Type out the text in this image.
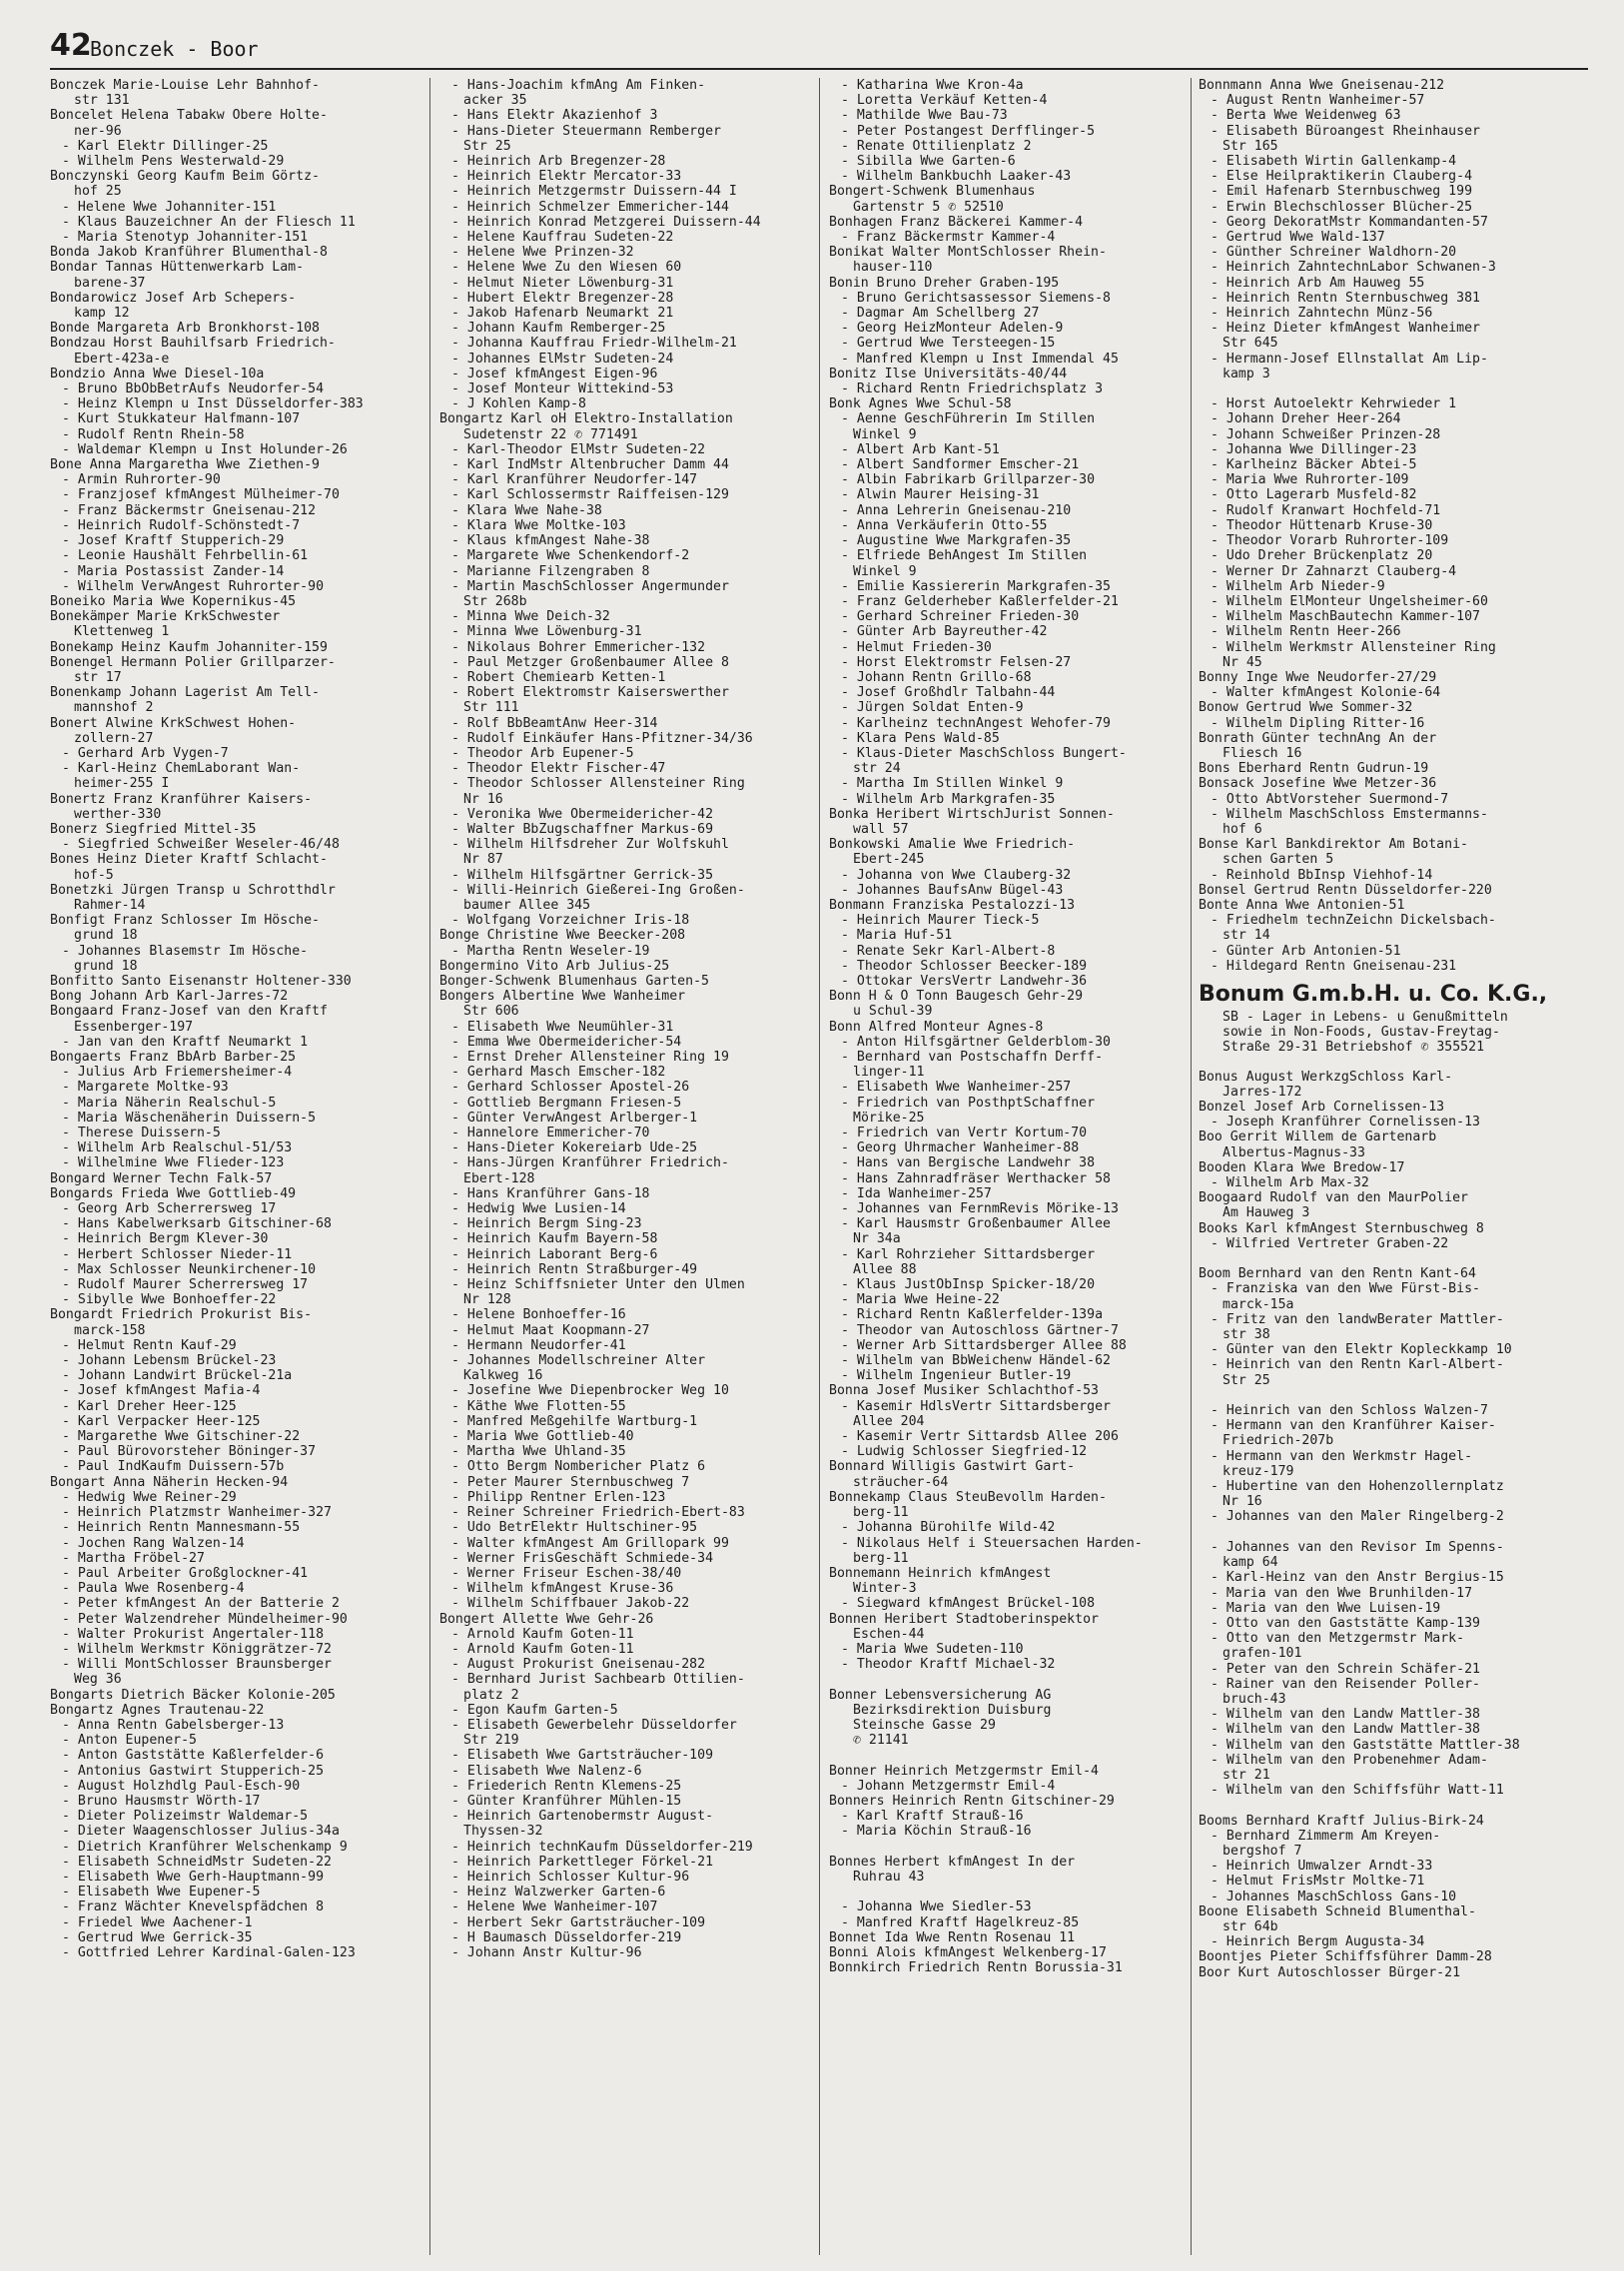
42
Bonczek - Boor
Bonczek Marie-Louise Lehr Bahnhof-
str 131
Boncelet Helena Tabakw Obere Holte-
ner-96
- Karl Elektr Dillinger-25
- Wilhelm Pens Westerwald-29
Bonczynski Georg Kaufm Beim Görtz-
hof 25
- Helene Wwe Johanniter-151
- Klaus Bauzeichner An der Fliesch 11
- Maria Stenotyp Johanniter-151
Bonda Jakob Kranführer Blumenthal-8
Bondar Tannas Hüttenwerkarb Lam-
barene-37
Bondarowicz Josef Arb Schepers-
kamp 12
Bonde Margareta Arb Bronkhorst-108
Bondzau Horst Bauhilfsarb Friedrich-
Ebert-423a-e
Bondzio Anna Wwe Diesel-10a
- Bruno BbObBetrAufs Neudorfer-54
- Heinz Klempn u Inst Düsseldorfer-383
- Kurt Stukkateur Halfmann-107
- Rudolf Rentn Rhein-58
- Waldemar Klempn u Inst Holunder-26
Bone Anna Margaretha Wwe Ziethen-9
- Armin Ruhrorter-90
- Franzjosef kfmAngest Mülheimer-70
- Franz Bäckermstr Gneisenau-212
- Heinrich Rudolf-Schönstedt-7
- Josef Kraftf Stupperich-29
- Leonie Haushält Fehrbellin-61
- Maria Postassist Zander-14
- Wilhelm VerwAngest Ruhrorter-90
Boneiko Maria Wwe Kopernikus-45
Bonekämper Marie KrkSchwester
Klettenweg 1
Bonekamp Heinz Kaufm Johanniter-159
Bonengel Hermann Polier Grillparzer-
str 17
Bonenkamp Johann Lagerist Am Tell-
mannshof 2
Bonert Alwine KrkSchwest Hohen-
zollern-27
- Gerhard Arb Vygen-7
- Karl-Heinz ChemLaborant Wan-
heimer-255 I
Bonertz Franz Kranführer Kaisers-
werther-330
Bonerz Siegfried Mittel-35
- Siegfried Schweißer Weseler-46/48
Bones Heinz Dieter Kraftf Schlacht-
hof-5
Bonetzki Jürgen Transp u Schrotthdlr
Rahmer-14
Bonfigt Franz Schlosser Im Hösche-
grund 18
- Johannes Blasemstr Im Hösche-
grund 18
Bonfitto Santo Eisenanstr Holtener-330
Bong Johann Arb Karl-Jarres-72
Bongaard Franz-Josef van den Kraftf
Essenberger-197
- Jan van den Kraftf Neumarkt 1
Bongaerts Franz BbArb Barber-25
- Julius Arb Friemersheimer-4
- Margarete Moltke-93
- Maria Näherin Realschul-5
- Maria Wäschenäherin Duissern-5
- Therese Duissern-5
- Wilhelm Arb Realschul-51/53
- Wilhelmine Wwe Flieder-123
Bongard Werner Techn Falk-57
Bongards Frieda Wwe Gottlieb-49
- Georg Arb Scherrersweg 17
- Hans Kabelwerksarb Gitschiner-68
- Heinrich Bergm Klever-30
- Herbert Schlosser Nieder-11
- Max Schlosser Neunkirchener-10
- Rudolf Maurer Scherrersweg 17
- Sibylle Wwe Bonhoeffer-22
Bongardt Friedrich Prokurist Bis-
marck-158
- Helmut Rentn Kauf-29
- Johann Lebensm Brückel-23
- Johann Landwirt Brückel-21a
- Josef kfmAngest Mafia-4
- Karl Dreher Heer-125
- Karl Verpacker Heer-125
- Margarethe Wwe Gitschiner-22
- Paul Bürovorsteher Böninger-37
- Paul IndKaufm Duissern-57b
Bongart Anna Näherin Hecken-94
- Hedwig Wwe Reiner-29
- Heinrich Platzmstr Wanheimer-327
- Heinrich Rentn Mannesmann-55
- Jochen Rang Walzen-14
- Martha Fröbel-27
- Paul Arbeiter Großglockner-41
- Paula Wwe Rosenberg-4
- Peter kfmAngest An der Batterie 2
- Peter Walzendreher Mündelheimer-90
- Walter Prokurist Angertaler-118
- Wilhelm Werkmstr Königgrätzer-72
- Willi MontSchlosser Braunsberger
Weg 36
Bongarts Dietrich Bäcker Kolonie-205
Bongartz Agnes Trautenau-22
- Anna Rentn Gabelsberger-13
- Anton Eupener-5
- Anton Gaststätte Kaßlerfelder-6
- Antonius Gastwirt Stupperich-25
- August Holzhdlg Paul-Esch-90
- Bruno Hausmstr Wörth-17
- Dieter Polizeimstr Waldemar-5
- Dieter Waagenschlosser Julius-34a
- Dietrich Kranführer Welschenkamp 9
- Elisabeth SchneidMstr Sudeten-22
- Elisabeth Wwe Gerh-Hauptmann-99
- Elisabeth Wwe Eupener-5
- Franz Wächter Knevelspfädchen 8
- Friedel Wwe Aachener-1
- Gertrud Wwe Gerrick-35
- Gottfried Lehrer Kardinal-Galen-123
- Hans-Joachim kfmAng Am Finken-
acker 35
- Hans Elektr Akazienhof 3
- Hans-Dieter Steuermann Remberger
Str 25
- Heinrich Arb Bregenzer-28
- Heinrich Elektr Mercator-33
- Heinrich Metzgermstr Duissern-44 I
- Heinrich Schmelzer Emmericher-144
- Heinrich Konrad Metzgerei Duissern-44
- Helene Kauffrau Sudeten-22
- Helene Wwe Prinzen-32
- Helene Wwe Zu den Wiesen 60
- Helmut Nieter Löwenburg-31
- Hubert Elektr Bregenzer-28
- Jakob Hafenarb Neumarkt 21
- Johann Kaufm Remberger-25
- Johanna Kauffrau Friedr-Wilhelm-21
- Johannes ElMstr Sudeten-24
- Josef kfmAngest Eigen-96
- Josef Monteur Wittekind-53
- J Kohlen Kamp-8
Bongartz Karl oH Elektro-Installation
Sudetenstr 22 ✆ 771491
- Karl-Theodor ElMstr Sudeten-22
- Karl IndMstr Altenbrucher Damm 44
- Karl Kranführer Neudorfer-147
- Karl Schlossermstr Raiffeisen-129
- Klara Wwe Nahe-38
- Klara Wwe Moltke-103
- Klaus kfmAngest Nahe-38
- Margarete Wwe Schenkendorf-2
- Marianne Filzengraben 8
- Martin MaschSchlosser Angermunder
Str 268b
- Minna Wwe Deich-32
- Minna Wwe Löwenburg-31
- Nikolaus Bohrer Emmericher-132
- Paul Metzger Großenbaumer Allee 8
- Robert Chemiearb Ketten-1
- Robert Elektromstr Kaiserswerther
Str 111
- Rolf BbBeamtAnw Heer-314
- Rudolf Einkäufer Hans-Pfitzner-34/36
- Theodor Arb Eupener-5
- Theodor Elektr Fischer-47
- Theodor Schlosser Allensteiner Ring
Nr 16
- Veronika Wwe Obermeidericher-42
- Walter BbZugschaffner Markus-69
- Wilhelm Hilfsdreher Zur Wolfskuhl
Nr 87
- Wilhelm Hilfsgärtner Gerrick-35
- Willi-Heinrich Gießerei-Ing Großen-
baumer Allee 345
- Wolfgang Vorzeichner Iris-18
Bonge Christine Wwe Beecker-208
- Martha Rentn Weseler-19
Bongermino Vito Arb Julius-25
Bonger-Schwenk Blumenhaus Garten-5
Bongers Albertine Wwe Wanheimer
Str 606
- Elisabeth Wwe Neumühler-31
- Emma Wwe Obermeidericher-54
- Ernst Dreher Allensteiner Ring 19
- Gerhard Masch Emscher-182
- Gerhard Schlosser Apostel-26
- Gottlieb Bergmann Friesen-5
- Günter VerwAngest Arlberger-1
- Hannelore Emmericher-70
- Hans-Dieter Kokereiarb Ude-25
- Hans-Jürgen Kranführer Friedrich-
Ebert-128
- Hans Kranführer Gans-18
- Hedwig Wwe Lusien-14
- Heinrich Bergm Sing-23
- Heinrich Kaufm Bayern-58
- Heinrich Laborant Berg-6
- Heinrich Rentn Straßburger-49
- Heinz Schiffsnieter Unter den Ulmen
Nr 128
- Helene Bonhoeffer-16
- Helmut Maat Koopmann-27
- Hermann Neudorfer-41
- Johannes Modellschreiner Alter
Kalkweg 16
- Josefine Wwe Diepenbrocker Weg 10
- Käthe Wwe Flotten-55
- Manfred Meßgehilfe Wartburg-1
- Maria Wwe Gottlieb-40
- Martha Wwe Uhland-35
- Otto Bergm Nombericher Platz 6
- Peter Maurer Sternbuschweg 7
- Philipp Rentner Erlen-123
- Reiner Schreiner Friedrich-Ebert-83
- Udo BetrElektr Hultschiner-95
- Walter kfmAngest Am Grillopark 99
- Werner FrisGeschäft Schmiede-34
- Werner Friseur Eschen-38/40
- Wilhelm kfmAngest Kruse-36
- Wilhelm Schiffbauer Jakob-22
Bongert Allette Wwe Gehr-26
- Arnold Kaufm Goten-11
- Arnold Kaufm Goten-11
- August Prokurist Gneisenau-282
- Bernhard Jurist Sachbearb Ottilien-
platz 2
- Egon Kaufm Garten-5
- Elisabeth Gewerbelehr Düsseldorfer
Str 219
- Elisabeth Wwe Gartsträucher-109
- Elisabeth Wwe Nalenz-6
- Friederich Rentn Klemens-25
- Günter Kranführer Mühlen-15
- Heinrich Gartenobermstr August-
Thyssen-32
- Heinrich technKaufm Düsseldorfer-219
- Heinrich Parkettleger Förkel-21
- Heinrich Schlosser Kultur-96
- Heinz Walzwerker Garten-6
- Helene Wwe Wanheimer-107
- Herbert Sekr Gartsträucher-109
- H Baumasch Düsseldorfer-219
- Johann Anstr Kultur-96
- Katharina Wwe Kron-4a
- Loretta Verkäuf Ketten-4
- Mathilde Wwe Bau-73
- Peter Postangest Derfflinger-5
- Renate Ottilienplatz 2
- Sibilla Wwe Garten-6
- Wilhelm Bankbuchh Laaker-43
Bongert-Schwenk Blumenhaus
Gartenstr 5 ✆ 52510
Bonhagen Franz Bäckerei Kammer-4
- Franz Bäckermstr Kammer-4
Bonikat Walter MontSchlosser Rhein-
hauser-110
Bonin Bruno Dreher Graben-195
- Bruno Gerichtsassessor Siemens-8
- Dagmar Am Schellberg 27
- Georg HeizMonteur Adelen-9
- Gertrud Wwe Tersteegen-15
- Manfred Klempn u Inst Immendal 45
Bonitz Ilse Universitäts-40/44
- Richard Rentn Friedrichsplatz 3
Bonk Agnes Wwe Schul-58
- Aenne GeschFührerin Im Stillen
Winkel 9
- Albert Arb Kant-51
- Albert Sandformer Emscher-21
- Albin Fabrikarb Grillparzer-30
- Alwin Maurer Heising-31
- Anna Lehrerin Gneisenau-210
- Anna Verkäuferin Otto-55
- Augustine Wwe Markgrafen-35
- Elfriede BehAngest Im Stillen
Winkel 9
- Emilie Kassiererin Markgrafen-35
- Franz Gelderheber Kaßlerfelder-21
- Gerhard Schreiner Frieden-30
- Günter Arb Bayreuther-42
- Helmut Frieden-30
- Horst Elektromstr Felsen-27
- Johann Rentn Grillo-68
- Josef Großhdlr Talbahn-44
- Jürgen Soldat Enten-9
- Karlheinz technAngest Wehofer-79
- Klara Pens Wald-85
- Klaus-Dieter MaschSchloss Bungert-
str 24
- Martha Im Stillen Winkel 9
- Wilhelm Arb Markgrafen-35
Bonka Heribert WirtschJurist Sonnen-
wall 57
Bonkowski Amalie Wwe Friedrich-
Ebert-245
- Johanna von Wwe Clauberg-32
- Johannes BaufsAnw Bügel-43
Bonmann Franziska Pestalozzi-13
- Heinrich Maurer Tieck-5
- Maria Huf-51
- Renate Sekr Karl-Albert-8
- Theodor Schlosser Beecker-189
- Ottokar VersVertr Landwehr-36
Bonn H & O Tonn Baugesch Gehr-29
u Schul-39
Bonn Alfred Monteur Agnes-8
- Anton Hilfsgärtner Gelderblom-30
- Bernhard van Postschaffn Derff-
linger-11
- Elisabeth Wwe Wanheimer-257
- Friedrich van PosthptSchaffner
Mörike-25
- Friedrich van Vertr Kortum-70
- Georg Uhrmacher Wanheimer-88
- Hans van Bergische Landwehr 38
- Hans Zahnradfräser Werthacker 58
- Ida Wanheimer-257
- Johannes van FernmRevis Mörike-13
- Karl Hausmstr Großenbaumer Allee
Nr 34a
- Karl Rohrzieher Sittardsberger
Allee 88
- Klaus JustObInsp Spicker-18/20
- Maria Wwe Heine-22
- Richard Rentn Kaßlerfelder-139a
- Theodor van Autoschloss Gärtner-7
- Werner Arb Sittardsberger Allee 88
- Wilhelm van BbWeichenw Händel-62
- Wilhelm Ingenieur Butler-19
Bonna Josef Musiker Schlachthof-53
- Kasemir HdlsVertr Sittardsberger
Allee 204
- Kasemir Vertr Sittardsb Allee 206
- Ludwig Schlosser Siegfried-12
Bonnard Willigis Gastwirt Gart-
sträucher-64
Bonnekamp Claus SteuBevollm Harden-
berg-11
- Johanna Bürohilfe Wild-42
- Nikolaus Helf i Steuersachen Harden-
berg-11
Bonnemann Heinrich kfmAngest
Winter-3
- Siegward kfmAngest Brückel-108
Bonnen Heribert Stadtoberinspektor
Eschen-44
- Maria Wwe Sudeten-110
- Theodor Kraftf Michael-32

Bonner Lebensversicherung AG
Bezirksdirektion Duisburg
Steinsche Gasse 29
✆ 21141

Bonner Heinrich Metzgermstr Emil-4
- Johann Metzgermstr Emil-4
Bonners Heinrich Rentn Gitschiner-29
- Karl Kraftf Strauß-16
- Maria Köchin Strauß-16

Bonnes Herbert kfmAngest In der
Ruhrau 43

- Johanna Wwe Siedler-53
- Manfred Kraftf Hagelkreuz-85
Bonnet Ida Wwe Rentn Rosenau 11
Bonni Alois kfmAngest Welkenberg-17
Bonnkirch Friedrich Rentn Borussia-31
Bonnmann Anna Wwe Gneisenau-212
- August Rentn Wanheimer-57
- Berta Wwe Weidenweg 63
- Elisabeth Büroangest Rheinhauser
Str 165
- Elisabeth Wirtin Gallenkamp-4
- Else Heilpraktikerin Clauberg-4
- Emil Hafenarb Sternbuschweg 199
- Erwin Blechschlosser Blücher-25
- Georg DekoratMstr Kommandanten-57
- Gertrud Wwe Wald-137
- Günther Schreiner Waldhorn-20
- Heinrich ZahntechnLabor Schwanen-3
- Heinrich Arb Am Hauweg 55
- Heinrich Rentn Sternbuschweg 381
- Heinrich Zahntechn Münz-56
- Heinz Dieter kfmAngest Wanheimer
Str 645
- Hermann-Josef Ellnstallat Am Lip-
kamp 3

- Horst Autoelektr Kehrwieder 1
- Johann Dreher Heer-264
- Johann Schweißer Prinzen-28
- Johanna Wwe Dillinger-23
- Karlheinz Bäcker Abtei-5
- Maria Wwe Ruhrorter-109
- Otto Lagerarb Musfeld-82
- Rudolf Kranwart Hochfeld-71
- Theodor Hüttenarb Kruse-30
- Theodor Vorarb Ruhrorter-109
- Udo Dreher Brückenplatz 20
- Werner Dr Zahnarzt Clauberg-4
- Wilhelm Arb Nieder-9
- Wilhelm ElMonteur Ungelsheimer-60
- Wilhelm MaschBautechn Kammer-107
- Wilhelm Rentn Heer-266
- Wilhelm Werkmstr Allensteiner Ring
Nr 45
Bonny Inge Wwe Neudorfer-27/29
- Walter kfmAngest Kolonie-64
Bonow Gertrud Wwe Sommer-32
- Wilhelm Dipling Ritter-16
Bonrath Günter technAng An der
Fliesch 16
Bons Eberhard Rentn Gudrun-19
Bonsack Josefine Wwe Metzer-36
- Otto AbtVorsteher Suermond-7
- Wilhelm MaschSchloss Emstermanns-
hof 6
Bonse Karl Bankdirektor Am Botani-
schen Garten 5
- Reinhold BbInsp Viehhof-14
Bonsel Gertrud Rentn Düsseldorfer-220
Bonte Anna Wwe Antonien-51
- Friedhelm technZeichn Dickelsbach-
str 14
- Günter Arb Antonien-51
- Hildegard Rentn Gneisenau-231
Bonum G.m.b.H. u. Co. K.G.,
SB - Lager in Lebens- u Genußmitteln
sowie in Non-Foods, Gustav-Freytag-
Straße 29-31 Betriebshof ✆ 355521
Bonus August WerkzgSchloss Karl-
Jarres-172
Bonzel Josef Arb Cornelissen-13
- Joseph Kranführer Cornelissen-13
Boo Gerrit Willem de Gartenarb
Albertus-Magnus-33
Booden Klara Wwe Bredow-17
- Wilhelm Arb Max-32
Boogaard Rudolf van den MaurPolier
Am Hauweg 3
Books Karl kfmAngest Sternbuschweg 8
- Wilfried Vertreter Graben-22

Boom Bernhard van den Rentn Kant-64
- Franziska van den Wwe Fürst-Bis-
marck-15a
- Fritz van den landwBerater Mattler-
str 38
- Günter van den Elektr Kopleckkamp 10
- Heinrich van den Rentn Karl-Albert-
Str 25

- Heinrich van den Schloss Walzen-7
- Hermann van den Kranführer Kaiser-
Friedrich-207b
- Hermann van den Werkmstr Hagel-
kreuz-179
- Hubertine van den Hohenzollernplatz
Nr 16
- Johannes van den Maler Ringelberg-2

- Johannes van den Revisor Im Spenns-
kamp 64
- Karl-Heinz van den Anstr Bergius-15
- Maria van den Wwe Brunhilden-17
- Maria van den Wwe Luisen-19
- Otto van den Gaststätte Kamp-139
- Otto van den Metzgermstr Mark-
grafen-101
- Peter van den Schrein Schäfer-21
- Rainer van den Reisender Poller-
bruch-43
- Wilhelm van den Landw Mattler-38
- Wilhelm van den Landw Mattler-38
- Wilhelm van den Gaststätte Mattler-38
- Wilhelm van den Probenehmer Adam-
str 21
- Wilhelm van den Schiffsführ Watt-11

Booms Bernhard Kraftf Julius-Birk-24
- Bernhard Zimmerm Am Kreyen-
bergshof 7
- Heinrich Umwalzer Arndt-33
- Helmut FrisMstr Moltke-71
- Johannes MaschSchloss Gans-10
Boone Elisabeth Schneid Blumenthal-
str 64b
- Heinrich Bergm Augusta-34
Boontjes Pieter Schiffsführer Damm-28
Boor Kurt Autoschlosser Bürger-21
